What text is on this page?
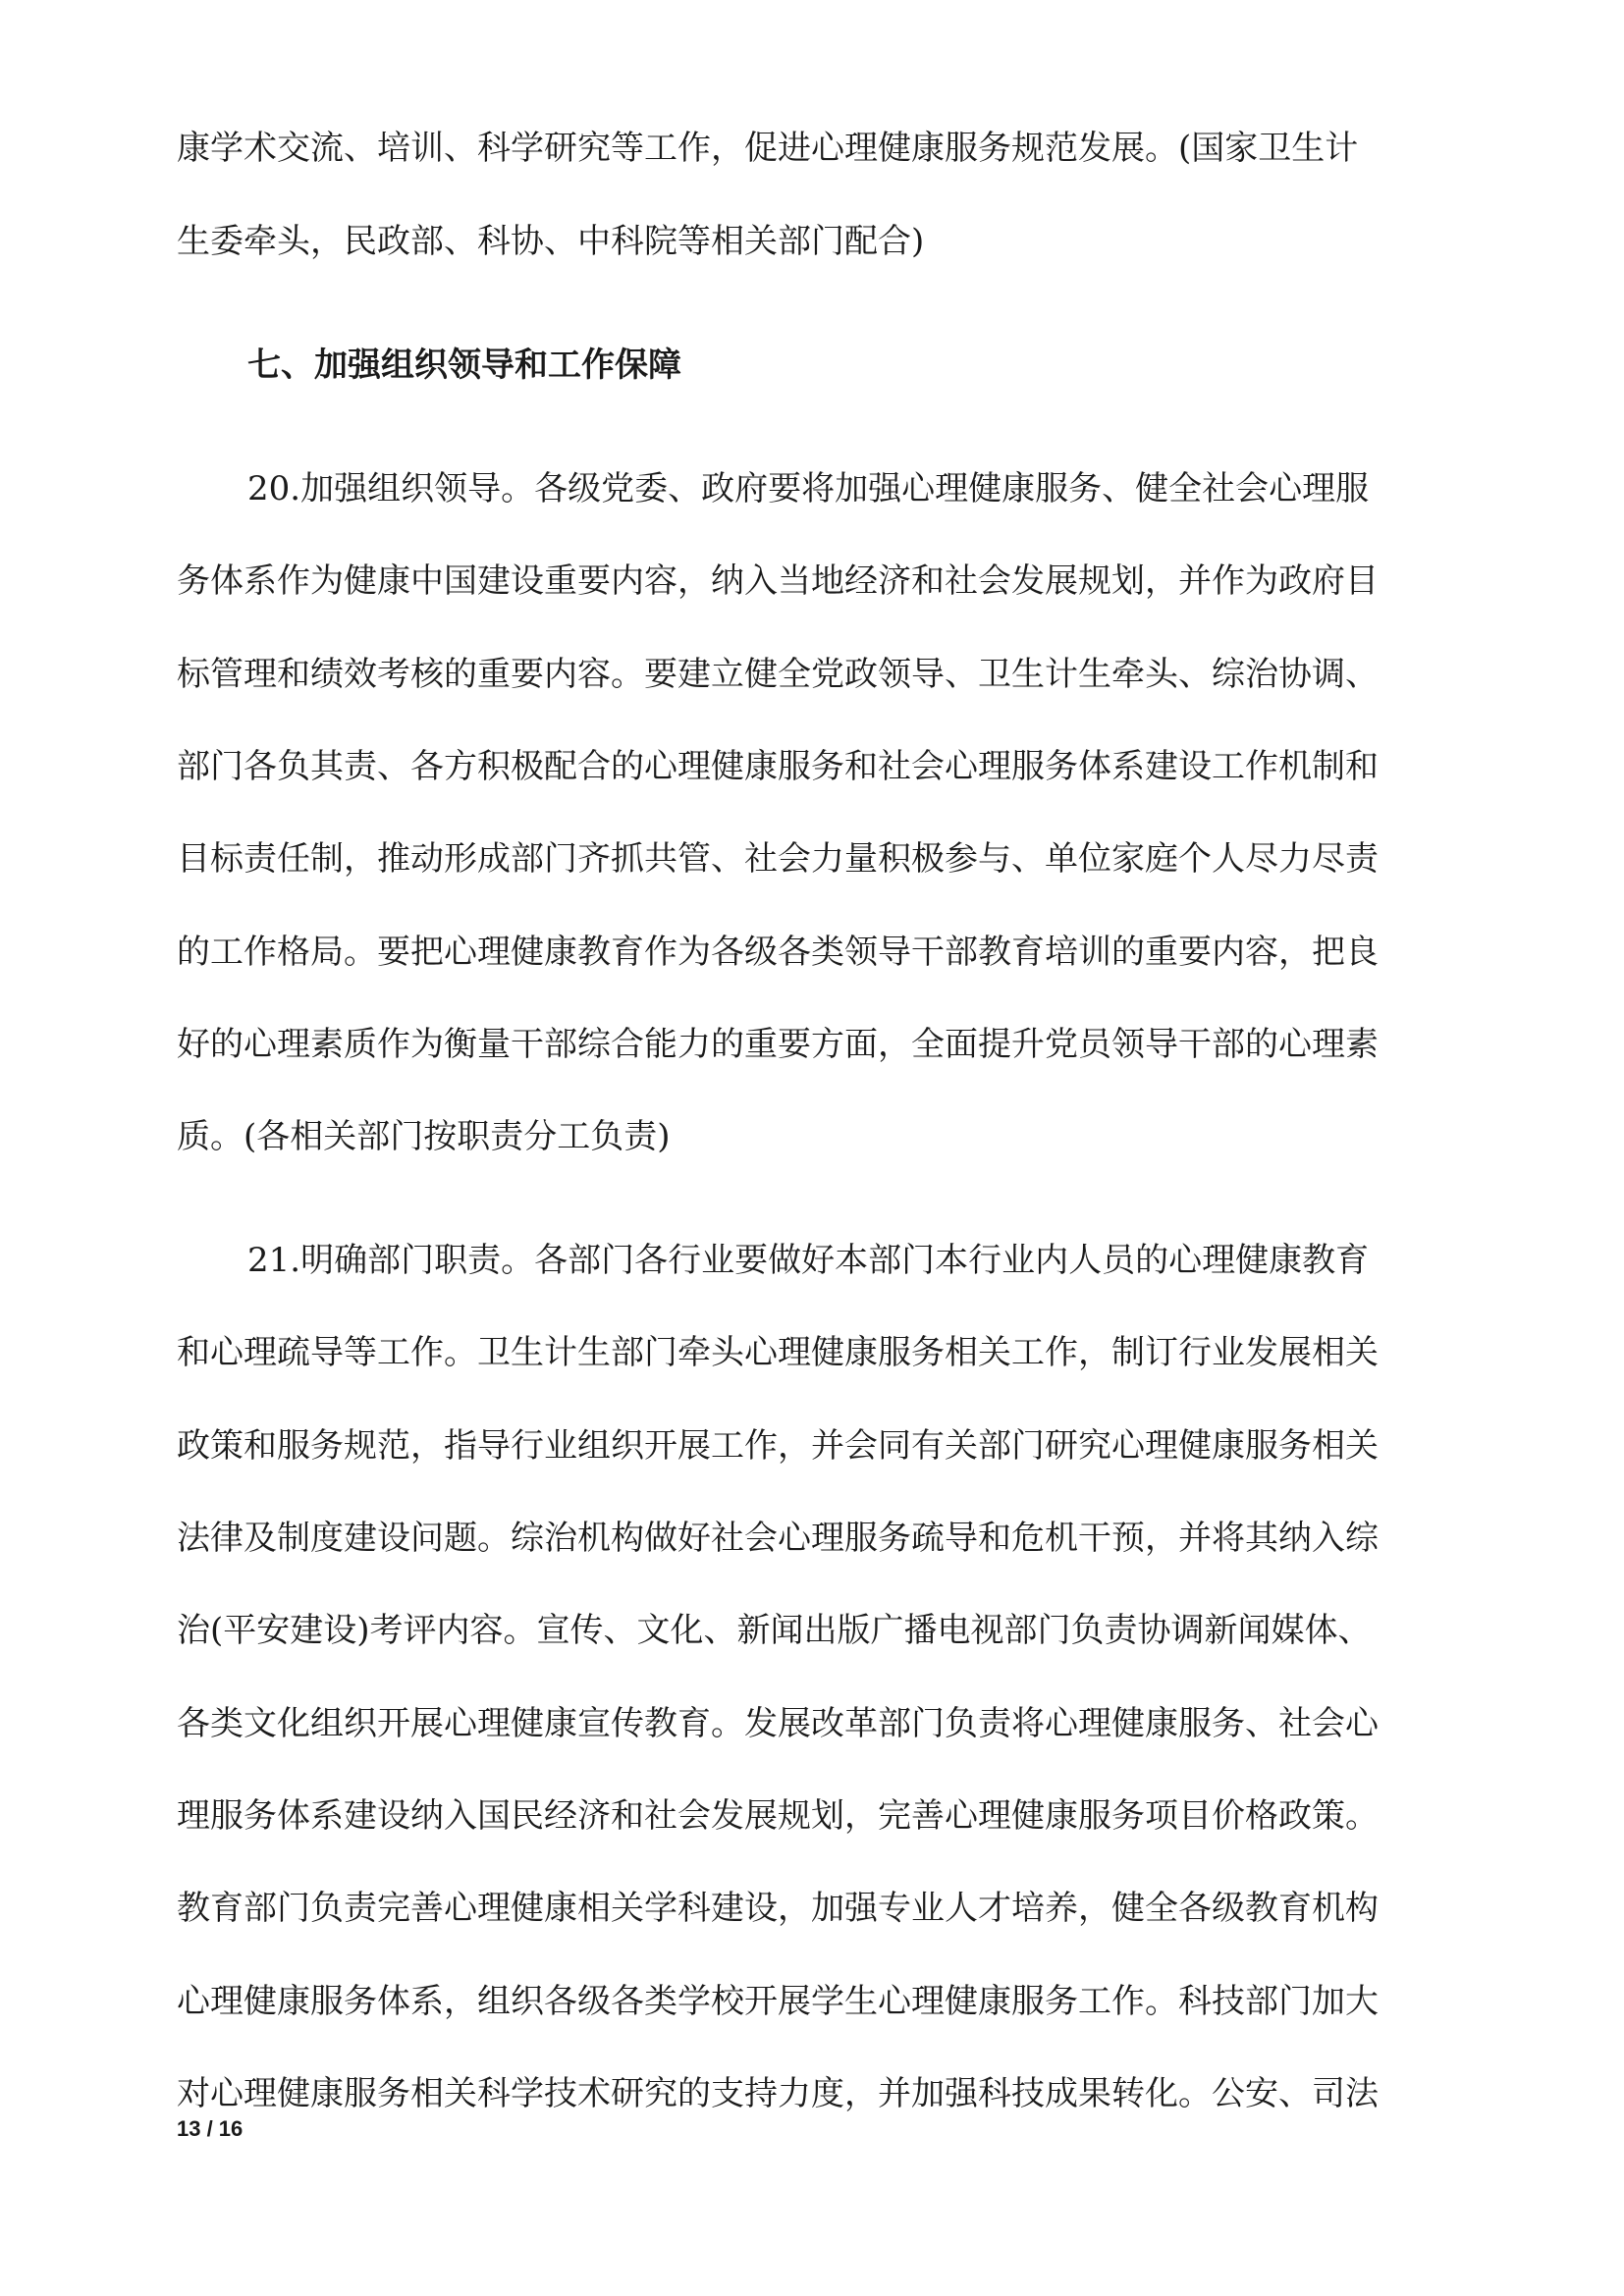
康学术交流、培训、科学研究等工作，促进心理健康服务规范发展。(国家卫生计
生委牵头，民政部、科协、中科院等相关部门配合)
七、加强组织领导和工作保障
20.加强组织领导。各级党委、政府要将加强心理健康服务、健全社会心理服
务体系作为健康中国建设重要内容，纳入当地经济和社会发展规划，并作为政府目
标管理和绩效考核的重要内容。要建立健全党政领导、卫生计生牵头、综治协调、
部门各负其责、各方积极配合的心理健康服务和社会心理服务体系建设工作机制和
目标责任制，推动形成部门齐抓共管、社会力量积极参与、单位家庭个人尽力尽责
的工作格局。要把心理健康教育作为各级各类领导干部教育培训的重要内容，把良
好的心理素质作为衡量干部综合能力的重要方面，全面提升党员领导干部的心理素
质。(各相关部门按职责分工负责)
21.明确部门职责。各部门各行业要做好本部门本行业内人员的心理健康教育
和心理疏导等工作。卫生计生部门牵头心理健康服务相关工作，制订行业发展相关
政策和服务规范，指导行业组织开展工作，并会同有关部门研究心理健康服务相关
法律及制度建设问题。综治机构做好社会心理服务疏导和危机干预，并将其纳入综
治(平安建设)考评内容。宣传、文化、新闻出版广播电视部门负责协调新闻媒体、
各类文化组织开展心理健康宣传教育。发展改革部门负责将心理健康服务、社会心
理服务体系建设纳入国民经济和社会发展规划，完善心理健康服务项目价格政策。
教育部门负责完善心理健康相关学科建设，加强专业人才培养，健全各级教育机构
心理健康服务体系，组织各级各类学校开展学生心理健康服务工作。科技部门加大
对心理健康服务相关科学技术研究的支持力度，并加强科技成果转化。公安、司法
13 / 16
